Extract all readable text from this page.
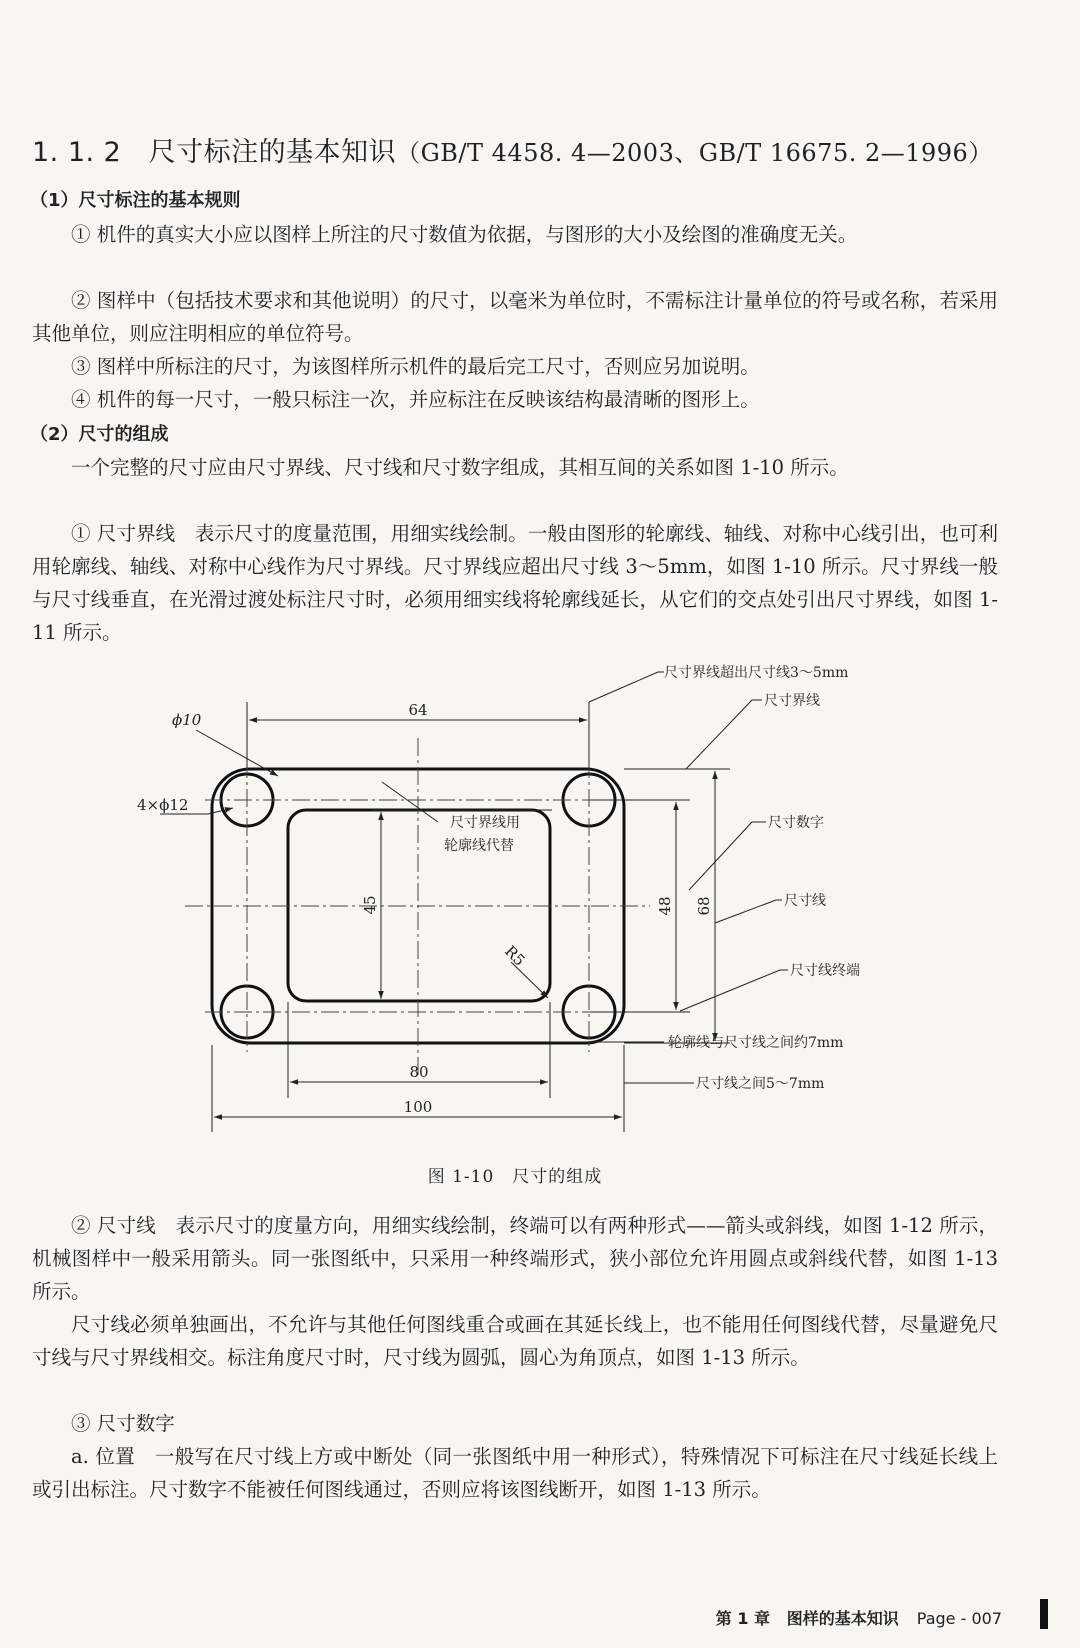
1. 1. 2 尺寸标注的基本知识（GB/T 4458. 4—2003、GB/T 16675. 2—1996）
（1）尺寸标注的基本规则

① 机件的真实大小应以图样上所注的尺寸数值为依据，与图形的大小及绘图的准确度无关。

② 图样中（包括技术要求和其他说明）的尺寸，以毫米为单位时，不需标注计量单位的符号或名称，若采用其他单位，则应注明相应的单位符号。

③ 图样中所标注的尺寸，为该图样所示机件的最后完工尺寸，否则应另加说明。

④ 机件的每一尺寸，一般只标注一次，并应标注在反映该结构最清晰的图形上。

（2）尺寸的组成

一个完整的尺寸应由尺寸界线、尺寸线和尺寸数字组成，其相互间的关系如图 1-10 所示。

① 尺寸界线　表示尺寸的度量范围，用细实线绘制。一般由图形的轮廓线、轴线、对称中心线引出，也可利用轮廓线、轴线、对称中心线作为尺寸界线。尺寸界线应超出尺寸线 3～5mm，如图 1-10 所示。尺寸界线一般与尺寸线垂直，在光滑过渡处标注尺寸时，必须用细实线将轮廓线延长，从它们的交点处引出尺寸界线，如图 1-11 所示。

64
80
100
45	48 68
R5
ϕ10
4×ϕ12
尺寸界线超出尺寸线3～5mm
尺寸界线
尺寸界线用
轮廓线代替
尺寸数字
尺寸线
尺寸线终端
轮廓线与尺寸线之间约7mm
尺寸线之间5～7mm
图 1-10　尺寸的组成

② 尺寸线　表示尺寸的度量方向，用细实线绘制，终端可以有两种形式——箭头或斜线，如图 1-12 所示，机械图样中一般采用箭头。同一张图纸中，只采用一种终端形式，狭小部位允许用圆点或斜线代替，如图 1-13 所示。

尺寸线必须单独画出，不允许与其他任何图线重合或画在其延长线上，也不能用任何图线代替，尽量避免尺寸线与尺寸界线相交。标注角度尺寸时，尺寸线为圆弧，圆心为角顶点，如图 1-13 所示。

③ 尺寸数字

a. 位置　一般写在尺寸线上方或中断处（同一张图纸中用一种形式），特殊情况下可标注在尺寸线延长线上或引出标注。尺寸数字不能被任何图线通过，否则应将该图线断开，如图 1-13 所示。

第 1 章 图样的基本知识 Page - 007
